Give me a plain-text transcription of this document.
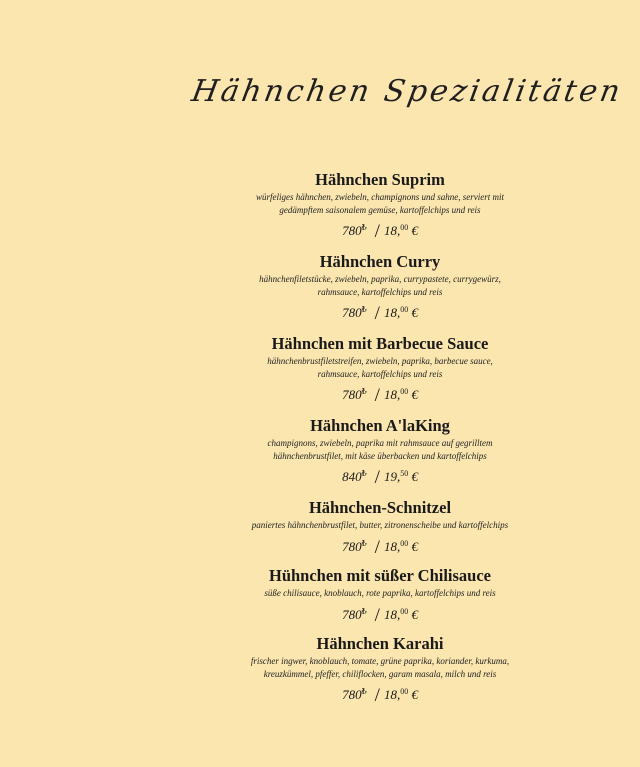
Hähnchen Spezialitäten
Hähnchen Suprim
würfeliges hähnchen, zwiebeln, champignons und sahne, serviert mit
gedämpftem saisonalem gemüse, kartoffelchips und reis
780₺ / 18,00 €
Hähnchen Curry
hähnchenfiletstücke, zwiebeln, paprika, currypastete, currygewürz,
rahmsauce, kartoffelchips und reis
780₺ / 18,00 €
Hähnchen mit Barbecue Sauce
hähnchenbrustfiletstreifen, zwiebeln, paprika, barbecue sauce,
rahmsauce, kartoffelchips und reis
780₺ / 18,00 €
Hähnchen A'laKing
champignons, zwiebeln, paprika mit rahmsauce auf gegrilltem
hähnchenbrustfilet, mit käse überbacken und kartoffelchips
840₺ / 19,50 €
Hähnchen-Schnitzel
paniertes hähnchenbrustfilet, butter, zitronenscheibe und kartoffelchips
780₺ / 18,00 €
Hühnchen mit süßer Chilisauce
süße chilisauce, knoblauch, rote paprika, kartoffelchips und reis
780₺ / 18,00 €
Hähnchen Karahi
frischer ingwer, knoblauch, tomate, grüne paprika, koriander, kurkuma,
kreuzkümmel, pfeffer, chiliflocken, garam masala, milch und reis
780₺ / 18,00 €
